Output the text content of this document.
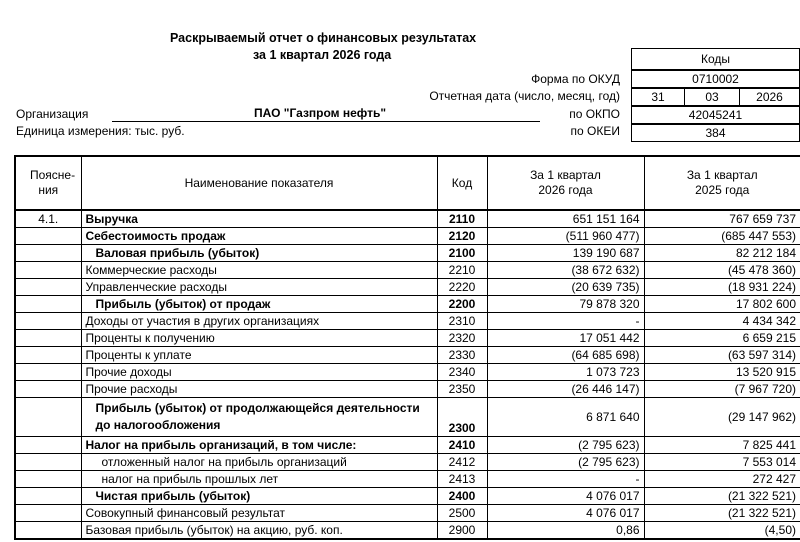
Раскрываемый отчет о финансовых результатах
за 1 квартал 2026 года	Коды
Форма по ОКУД	0710002
Отчетная дата (число, месяц, год)	31	03	2026
Организация	ПАО "Газпром нефть"	по ОКПО	42045241
Единица измерения: тыс. руб.	по ОКЕИ	384
Поясне-ния	Наименование показателя	Код	За 1 квартал 2026 года	За 1 квартал 2025 года
4.1.	Выручка	2110	651 151 164	767 659 737
	Себестоимость продаж	2120	(511 960 477)	(685 447 553)
	Валовая прибыль (убыток)	2100	139 190 687	82 212 184
	Коммерческие расходы	2210	(38 672 632)	(45 478 360)
	Управленческие расходы	2220	(20 639 735)	(18 931 224)
	Прибыль (убыток) от продаж	2200	79 878 320	17 802 600
	Доходы от участия в других организациях	2310	-	4 434 342
	Проценты к получению	2320	17 051 442	6 659 215
	Проценты к уплате	2330	(64 685 698)	(63 597 314)
	Прочие доходы	2340	1 073 723	13 520 915
	Прочие расходы	2350	(26 446 147)	(7 967 720)
	Прибыль (убыток) от продолжающейся деятельности до налогообложения	2300	6 871 640	(29 147 962)
	Налог на прибыль организаций, в том числе:	2410	(2 795 623)	7 825 441
	отложенный налог на прибыль организаций	2412	(2 795 623)	7 553 014
	налог на прибыль прошлых лет	2413	-	272 427
	Чистая прибыль (убыток)	2400	4 076 017	(21 322 521)
	Совокупный финансовый результат	2500	4 076 017	(21 322 521)
	Базовая прибыль (убыток) на акцию, руб. коп.	2900	0,86	(4,50)
